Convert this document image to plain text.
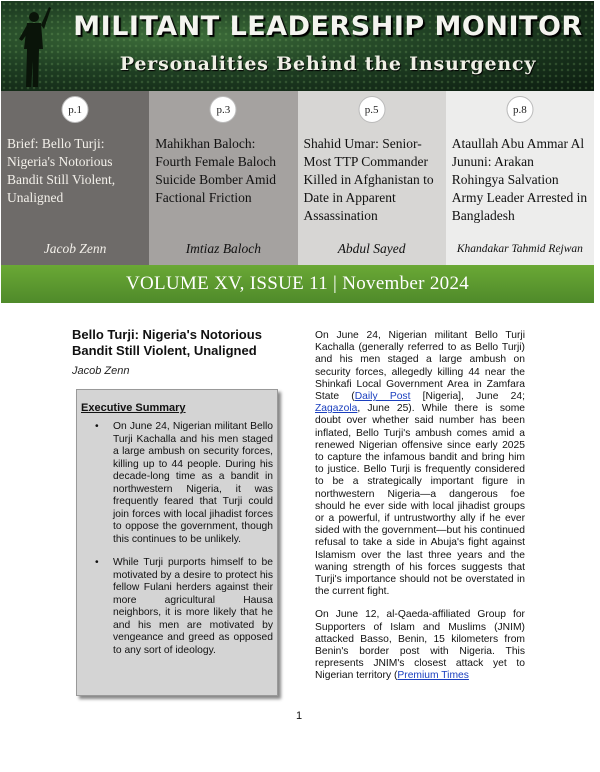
MILITANT LEADERSHIP MONITOR
Personalities Behind the Insurgency
p.1
Brief: Bello Turji: Nigeria's Notorious Bandit Still Violent, Unaligned
Jacob Zenn
p.3
Mahikhan Baloch: Fourth Female Baloch Suicide Bomber Amid Factional Friction
Imtiaz Baloch
p.5
Shahid Umar: Senior-Most TTP Commander Killed in Afghanistan to Date in Apparent Assassination
Abdul Sayed
p.8
Ataullah Abu Ammar Al Jununi: Arakan Rohingya Salvation Army Leader Arrested in Bangladesh
Khandakar Tahmid Rejwan
VOLUME XV, ISSUE 11 | November 2024
Bello Turji: Nigeria's Notorious Bandit Still Violent, Unaligned
Jacob Zenn
Executive Summary
• On June 24, Nigerian militant Bello Turji Kachalla and his men staged a large ambush on security forces, killing up to 44 people. During his decade-long time as a bandit in northwestern Nigeria, it was frequently feared that Turji could join forces with local jihadist forces to oppose the government, though this continues to be unlikely.
• While Turji purports himself to be motivated by a desire to protect his fellow Fulani herders against their more agricultural Hausa neighbors, it is more likely that he and his men are motivated by vengeance and greed as opposed to any sort of ideology.

On June 24, Nigerian militant Bello Turji Kachalla (generally referred to as Bello Turji) and his men staged a large ambush on security forces, allegedly killing 44 near the Shinkafi Local Government Area in Zamfara State (Daily Post [Nigeria], June 24; Zagazola, June 25). While there is some doubt over whether said number has been inflated, Bello Turji's ambush comes amid a renewed Nigerian offensive since early 2025 to capture the infamous bandit and bring him to justice. Bello Turji is frequently considered to be a strategically important figure in northwestern Nigeria—a dangerous foe should he ever side with local jihadist groups or a powerful, if untrustworthy ally if he ever sided with the government—but his continued refusal to take a side in Abuja's fight against Islamism over the last three years and the waning strength of his forces suggests that Turji's importance should not be overstated in the current fight.

On June 12, al-Qaeda-affiliated Group for Supporters of Islam and Muslims (JNIM) attacked Basso, Benin, 15 kilometers from Benin's border post with Nigeria. This represents JNIM's closest attack yet to Nigerian territory (Premium Times

1
